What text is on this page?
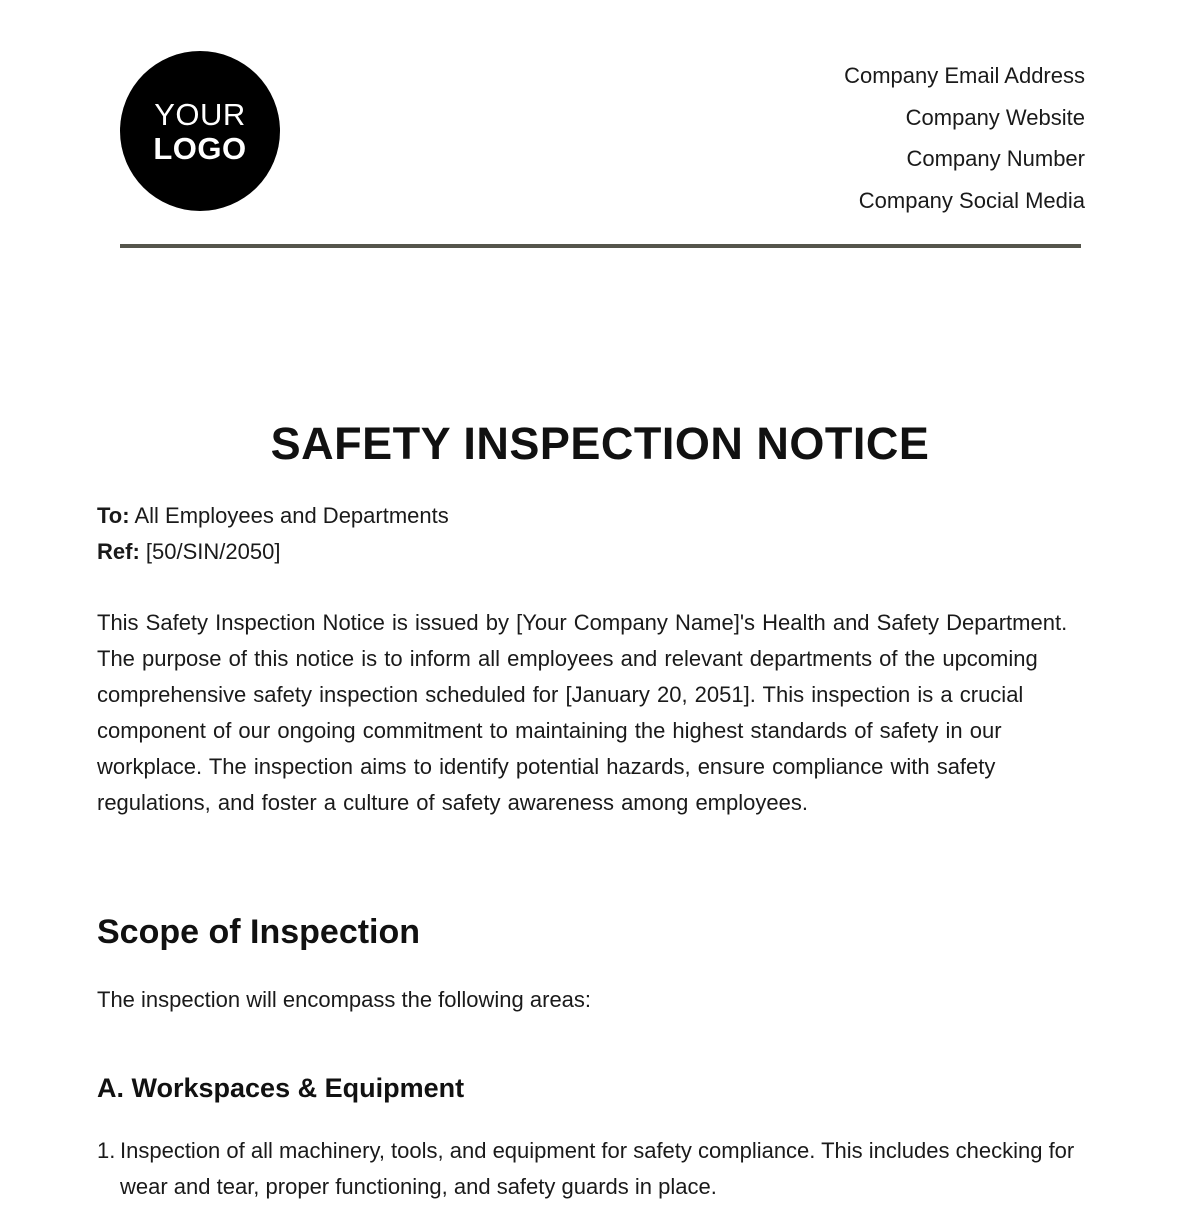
YOUR
LOGO
Company Email Address
Company Website
Company Number
Company Social Media
SAFETY INSPECTION NOTICE
To: All Employees and Departments
Ref: [50/SIN/2050]
This Safety Inspection Notice is issued by [Your Company Name]'s Health and Safety Department. The purpose of this notice is to inform all employees and relevant departments of the upcoming comprehensive safety inspection scheduled for [January 20, 2051]. This inspection is a crucial component of our ongoing commitment to maintaining the highest standards of safety in our workplace. The inspection aims to identify potential hazards, ensure compliance with safety regulations, and foster a culture of safety awareness among employees.
Scope of Inspection
The inspection will encompass the following areas:
A. Workspaces & Equipment
1. Inspection of all machinery, tools, and equipment for safety compliance. This includes checking for wear and tear, proper functioning, and safety guards in place.
